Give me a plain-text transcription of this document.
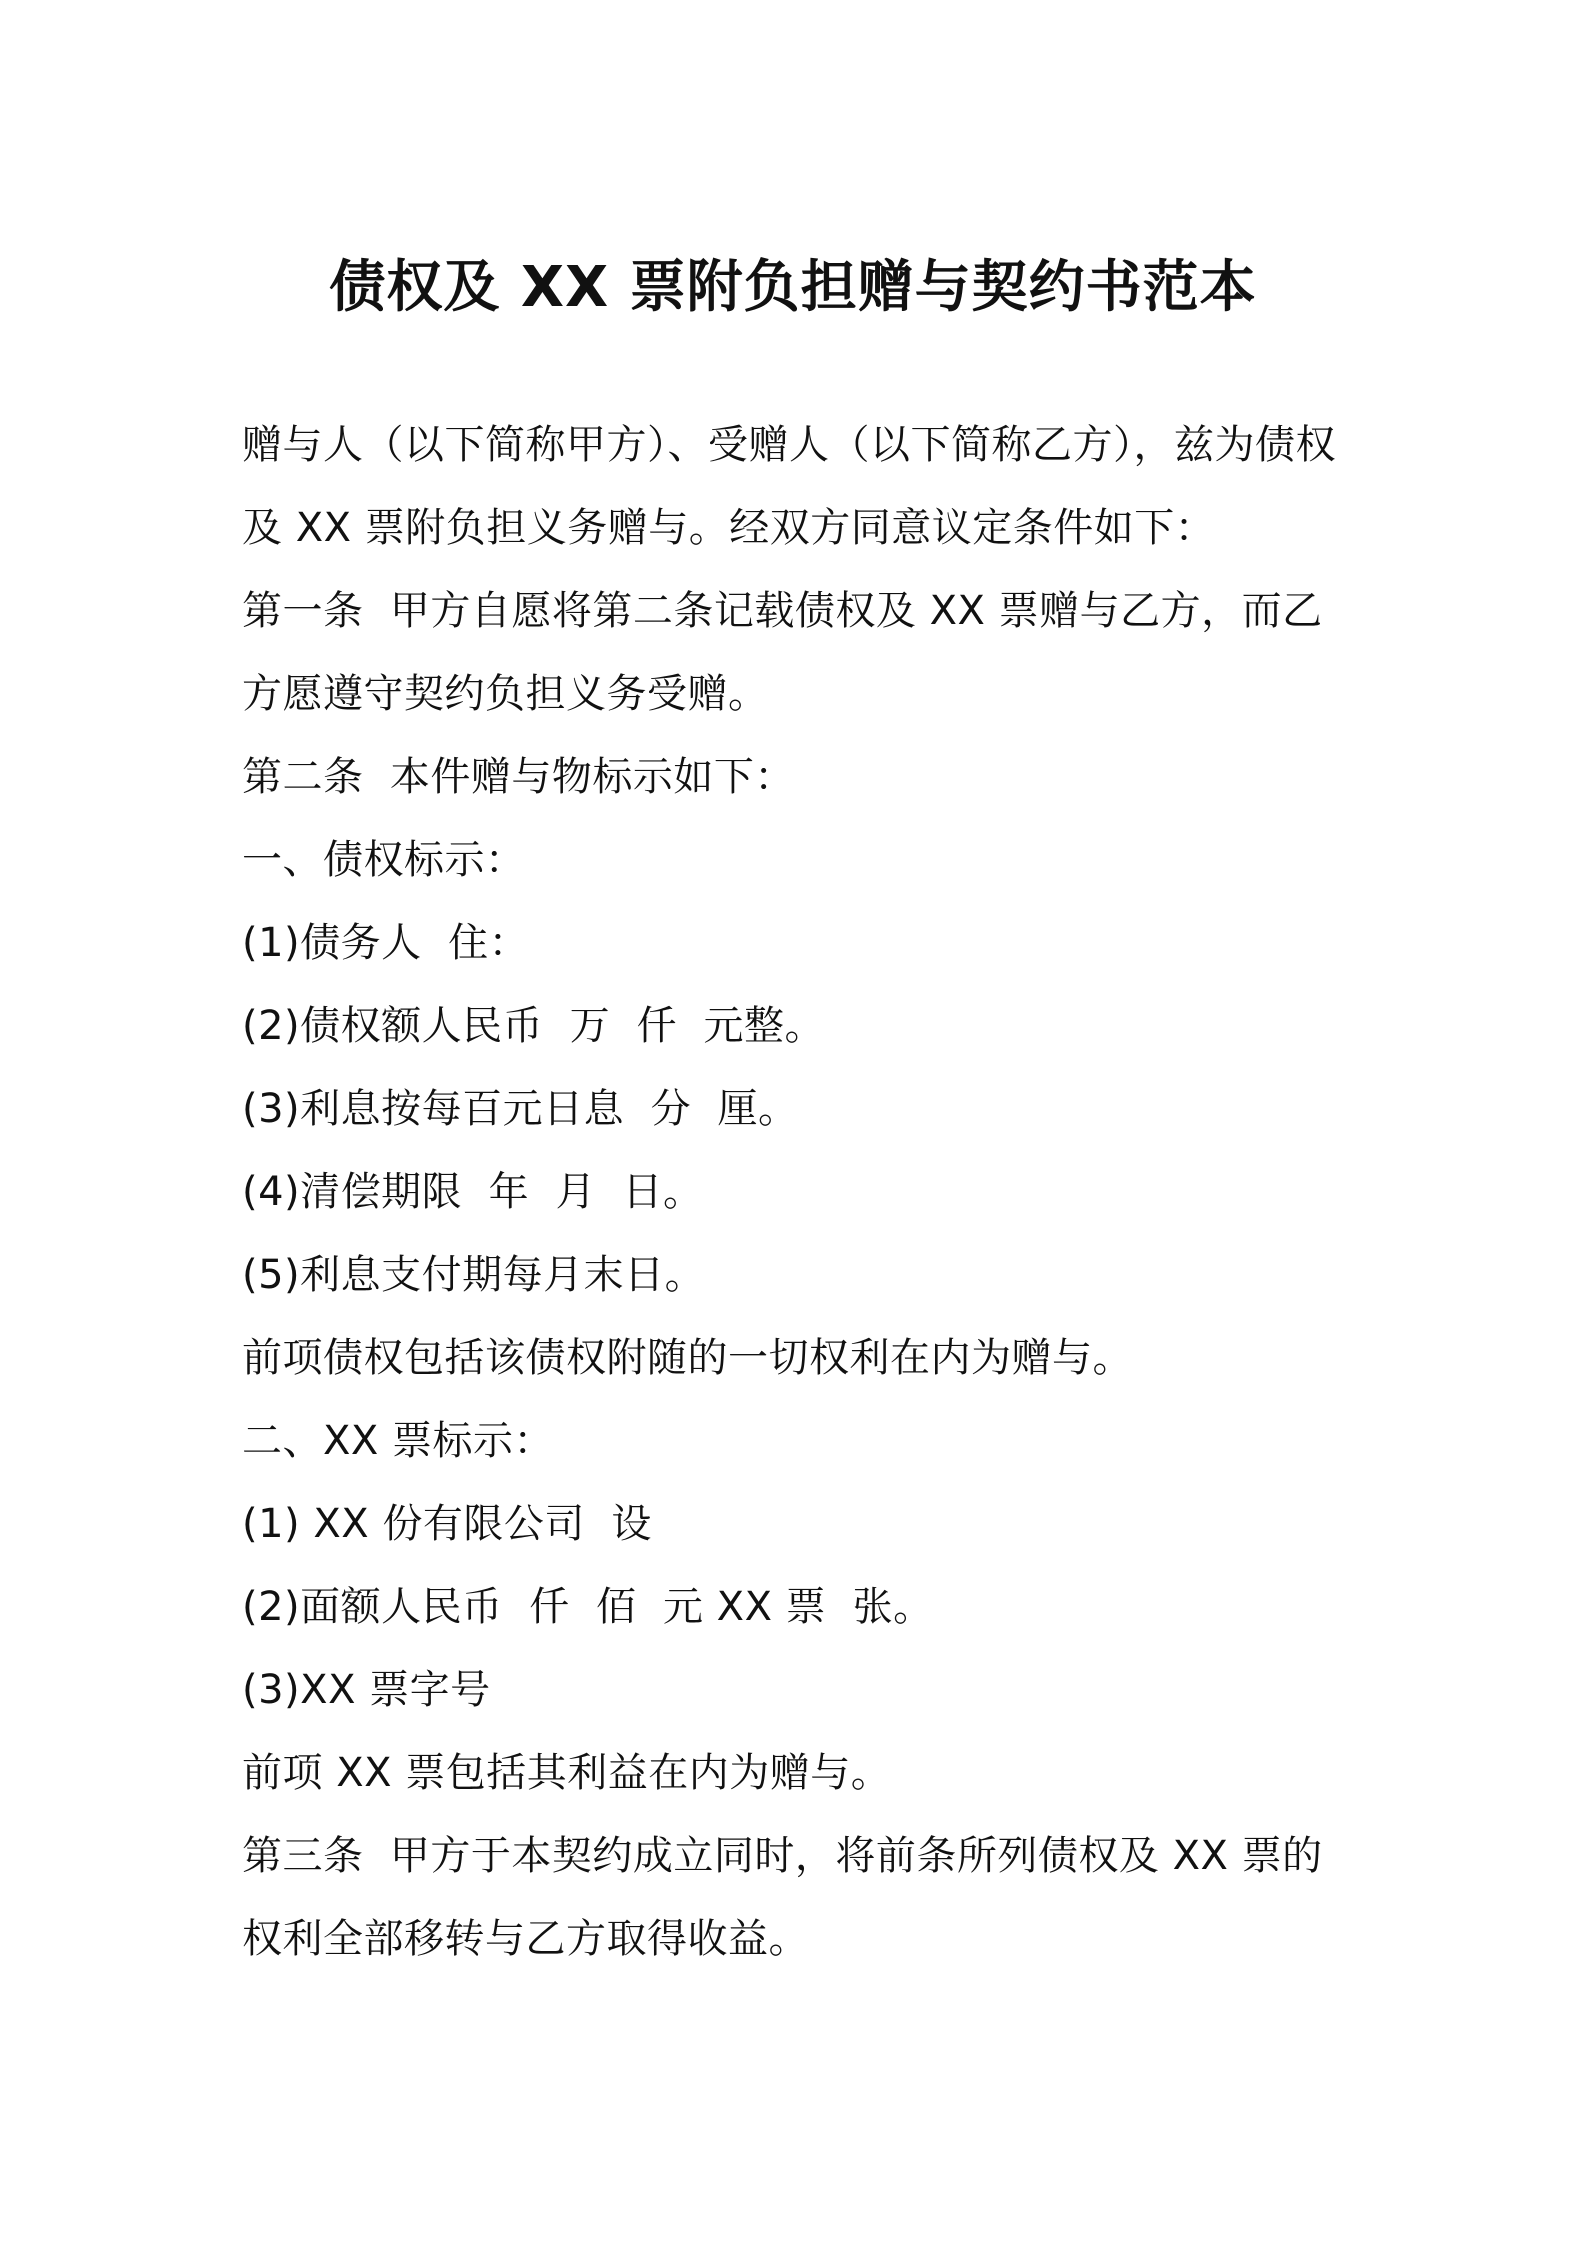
债权及 XX 票附负担赠与契约书范本
赠与人（以下简称甲方）、受赠人（以下简称乙方），兹为债权
及 XX 票附负担义务赠与。经双方同意议定条件如下：
第一条  甲方自愿将第二条记载债权及 XX 票赠与乙方，而乙
方愿遵守契约负担义务受赠。
第二条  本件赠与物标示如下：
一、债权标示：
(1)债务人  住：
(2)债权额人民币  万  仟  元整。
(3)利息按每百元日息  分  厘。
(4)清偿期限  年  月  日。
(5)利息支付期每月末日。
前项债权包括该债权附随的一切权利在内为赠与。
二、XX 票标示：
(1) XX 份有限公司  设
(2)面额人民币  仟  佰  元 XX 票  张。
(3)XX 票字号
前项 XX 票包括其利益在内为赠与。
第三条  甲方于本契约成立同时，将前条所列债权及 XX 票的
权利全部移转与乙方取得收益。
